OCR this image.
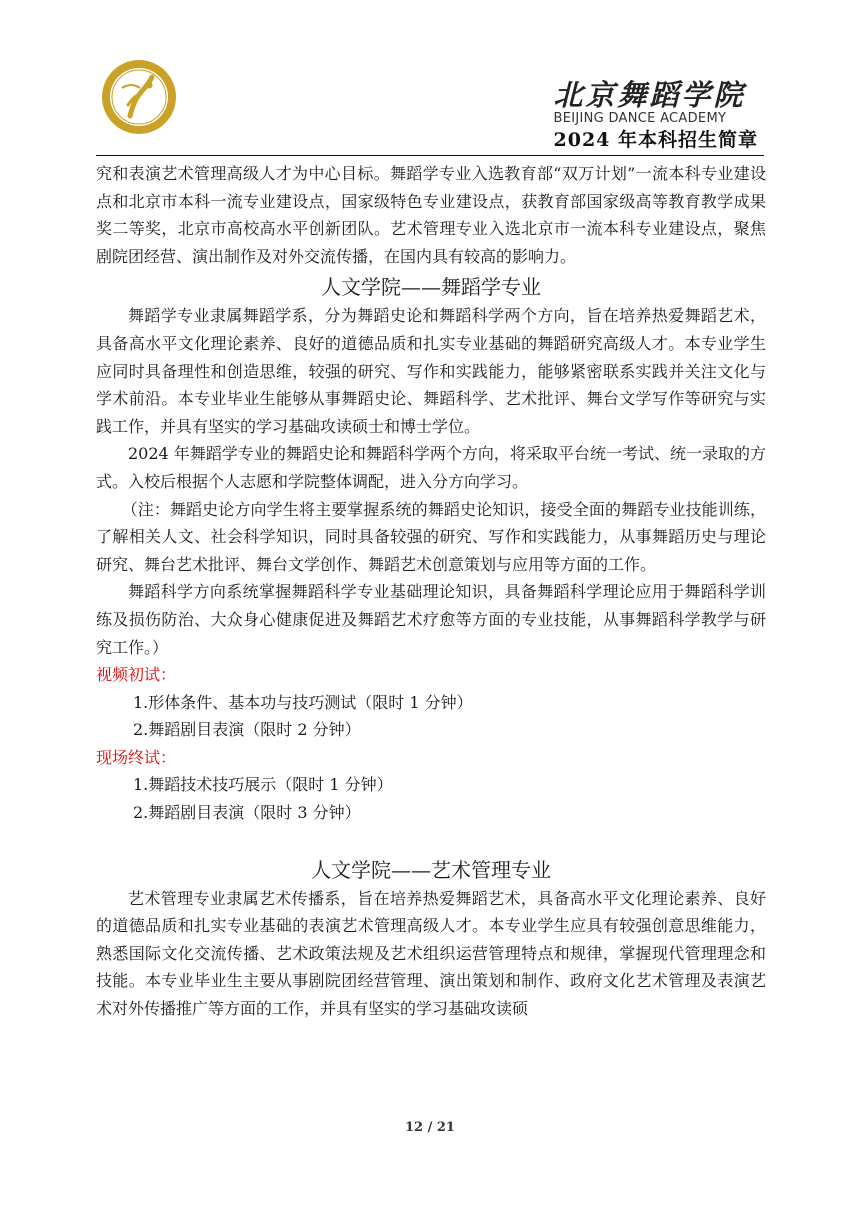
北京舞蹈学院
BEIJING DANCE ACADEMY
2024 年本科招生简章

究和表演艺术管理高级人才为中心目标。舞蹈学专业入选教育部“双万计划”一流本科专业建设点和北京市本科一流专业建设点，国家级特色专业建设点，获教育部国家级高等教育教学成果奖二等奖，北京市高校高水平创新团队。艺术管理专业入选北京市一流本科专业建设点，聚焦剧院团经营、演出制作及对外交流传播，在国内具有较高的影响力。

人文学院——舞蹈学专业

舞蹈学专业隶属舞蹈学系，分为舞蹈史论和舞蹈科学两个方向，旨在培养热爱舞蹈艺术，具备高水平文化理论素养、良好的道德品质和扎实专业基础的舞蹈研究高级人才。本专业学生应同时具备理性和创造思维，较强的研究、写作和实践能力，能够紧密联系实践并关注文化与学术前沿。本专业毕业生能够从事舞蹈史论、舞蹈科学、艺术批评、舞台文学写作等研究与实践工作，并具有坚实的学习基础攻读硕士和博士学位。

2024 年舞蹈学专业的舞蹈史论和舞蹈科学两个方向，将采取平台统一考试、统一录取的方式。入校后根据个人志愿和学院整体调配，进入分方向学习。

（注：舞蹈史论方向学生将主要掌握系统的舞蹈史论知识，接受全面的舞蹈专业技能训练，了解相关人文、社会科学知识，同时具备较强的研究、写作和实践能力，从事舞蹈历史与理论研究、舞台艺术批评、舞台文学创作、舞蹈艺术创意策划与应用等方面的工作。

舞蹈科学方向系统掌握舞蹈科学专业基础理论知识，具备舞蹈科学理论应用于舞蹈科学训练及损伤防治、大众身心健康促进及舞蹈艺术疗愈等方面的专业技能，从事舞蹈科学教学与研究工作。）

视频初试：
1.形体条件、基本功与技巧测试（限时 1 分钟）
2.舞蹈剧目表演（限时 2 分钟）
现场终试：
1.舞蹈技术技巧展示（限时 1 分钟）
2.舞蹈剧目表演（限时 3 分钟）
人文学院——艺术管理专业

艺术管理专业隶属艺术传播系，旨在培养热爱舞蹈艺术，具备高水平文化理论素养、良好的道德品质和扎实专业基础的表演艺术管理高级人才。本专业学生应具有较强创意思维能力，熟悉国际文化交流传播、艺术政策法规及艺术组织运营管理特点和规律，掌握现代管理理念和技能。本专业毕业生主要从事剧院团经营管理、演出策划和制作、政府文化艺术管理及表演艺术对外传播推广等方面的工作，并具有坚实的学习基础攻读硕

12 / 21
